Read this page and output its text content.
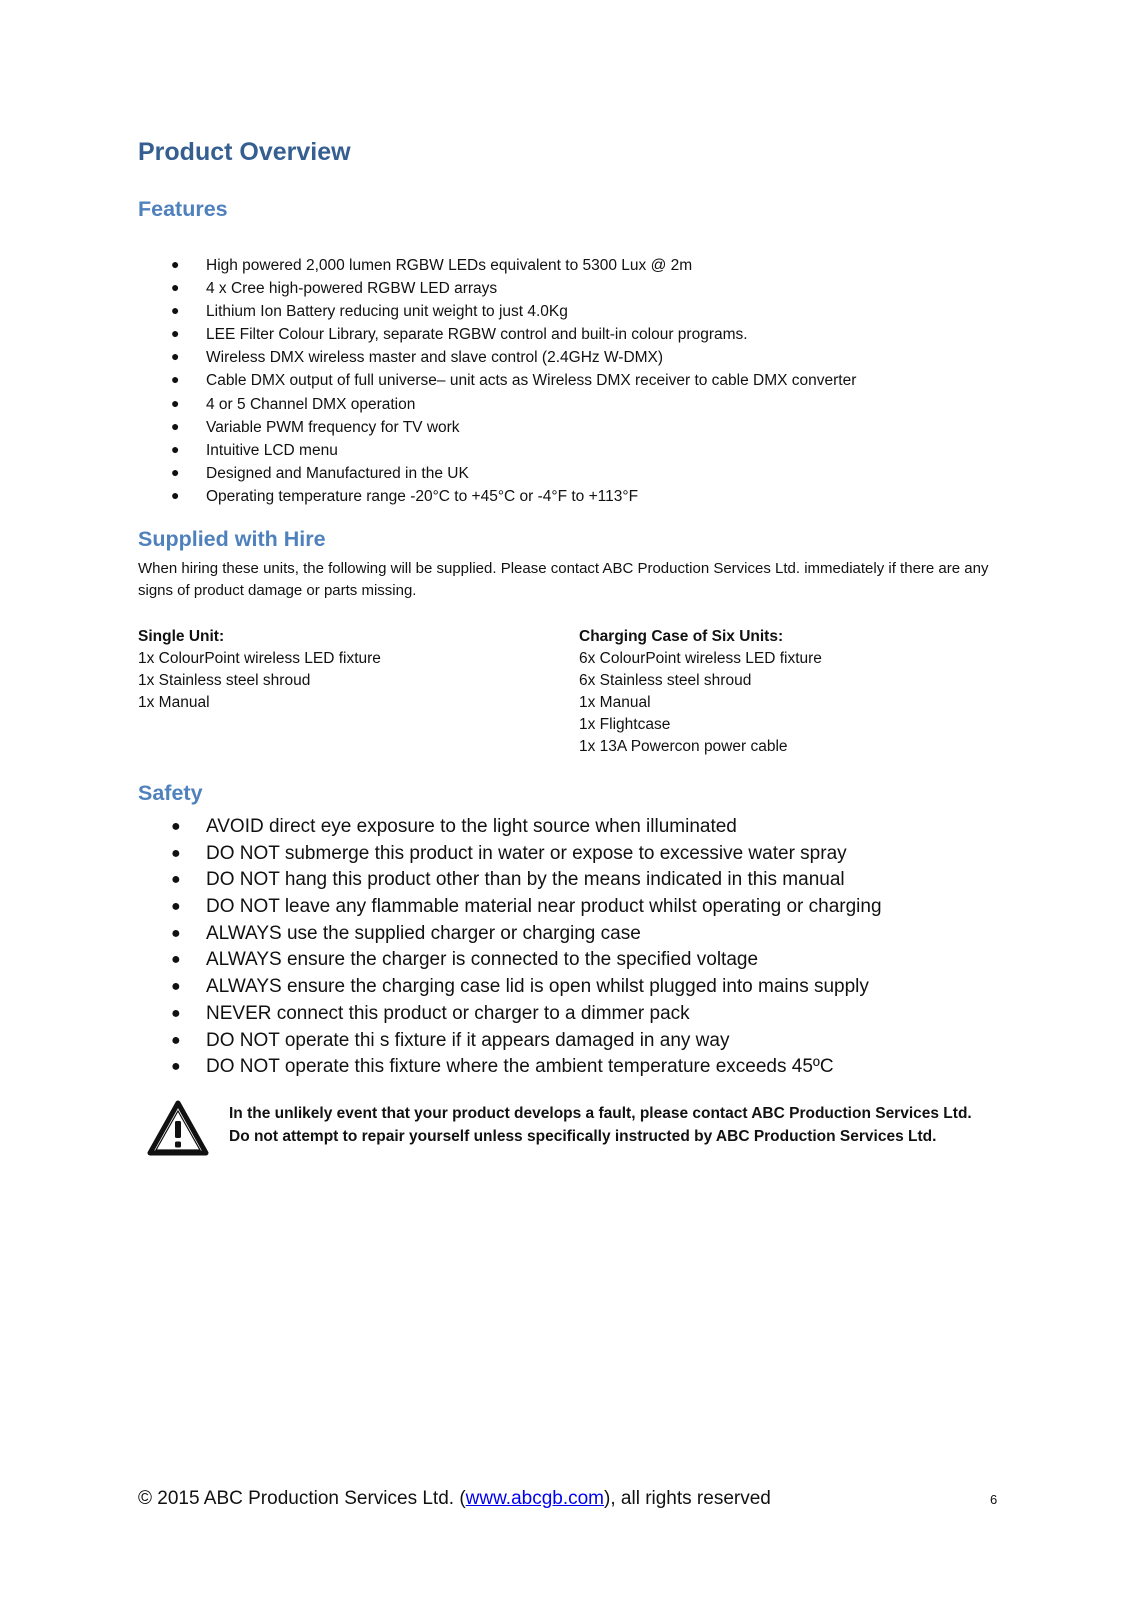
Product Overview
Features
● High powered 2,000 lumen RGBW LEDs equivalent to 5300 Lux @ 2m
● 4 x Cree high-powered RGBW LED arrays
● Lithium Ion Battery reducing unit weight to just 4.0Kg
● LEE Filter Colour Library, separate RGBW control and built-in colour programs.
● Wireless DMX wireless master and slave control (2.4GHz W-DMX)
● Cable DMX output of full universe– unit acts as Wireless DMX receiver to cable DMX converter
● 4 or 5 Channel DMX operation
● Variable PWM frequency for TV work
● Intuitive LCD menu
● Designed and Manufactured in the UK
● Operating temperature range -20°C to +45°C or -4°F to +113°F
Supplied with Hire

When hiring these units, the following will be supplied. Please contact ABC Production Services Ltd. immediately if there are any signs of product damage or parts missing.

Single Unit:
1x ColourPoint wireless LED fixture
1x Stainless steel shroud
1x Manual
Charging Case of Six Units:
6x ColourPoint wireless LED fixture
6x Stainless steel shroud
1x Manual
1x Flightcase
1x 13A Powercon power cable
Safety
● AVOID direct eye exposure to the light source when illuminated
● DO NOT submerge this product in water or expose to excessive water spray
● DO NOT hang this product other than by the means indicated in this manual
● DO NOT leave any flammable material near product whilst operating or charging
● ALWAYS use the supplied charger or charging case
● ALWAYS ensure the charger is connected to the specified voltage
● ALWAYS ensure the charging case lid is open whilst plugged into mains supply
● NEVER connect this product or charger to a dimmer pack
● DO NOT operate thi s fixture if it appears damaged in any way
● DO NOT operate this fixture where the ambient temperature exceeds 45ºC
In the unlikely event that your product develops a fault, please contact ABC Production Services Ltd.
Do not attempt to repair yourself unless specifically instructed by ABC Production Services Ltd.
© 2015 ABC Production Services Ltd. (www.abcgb.com), all rights reserved	6
